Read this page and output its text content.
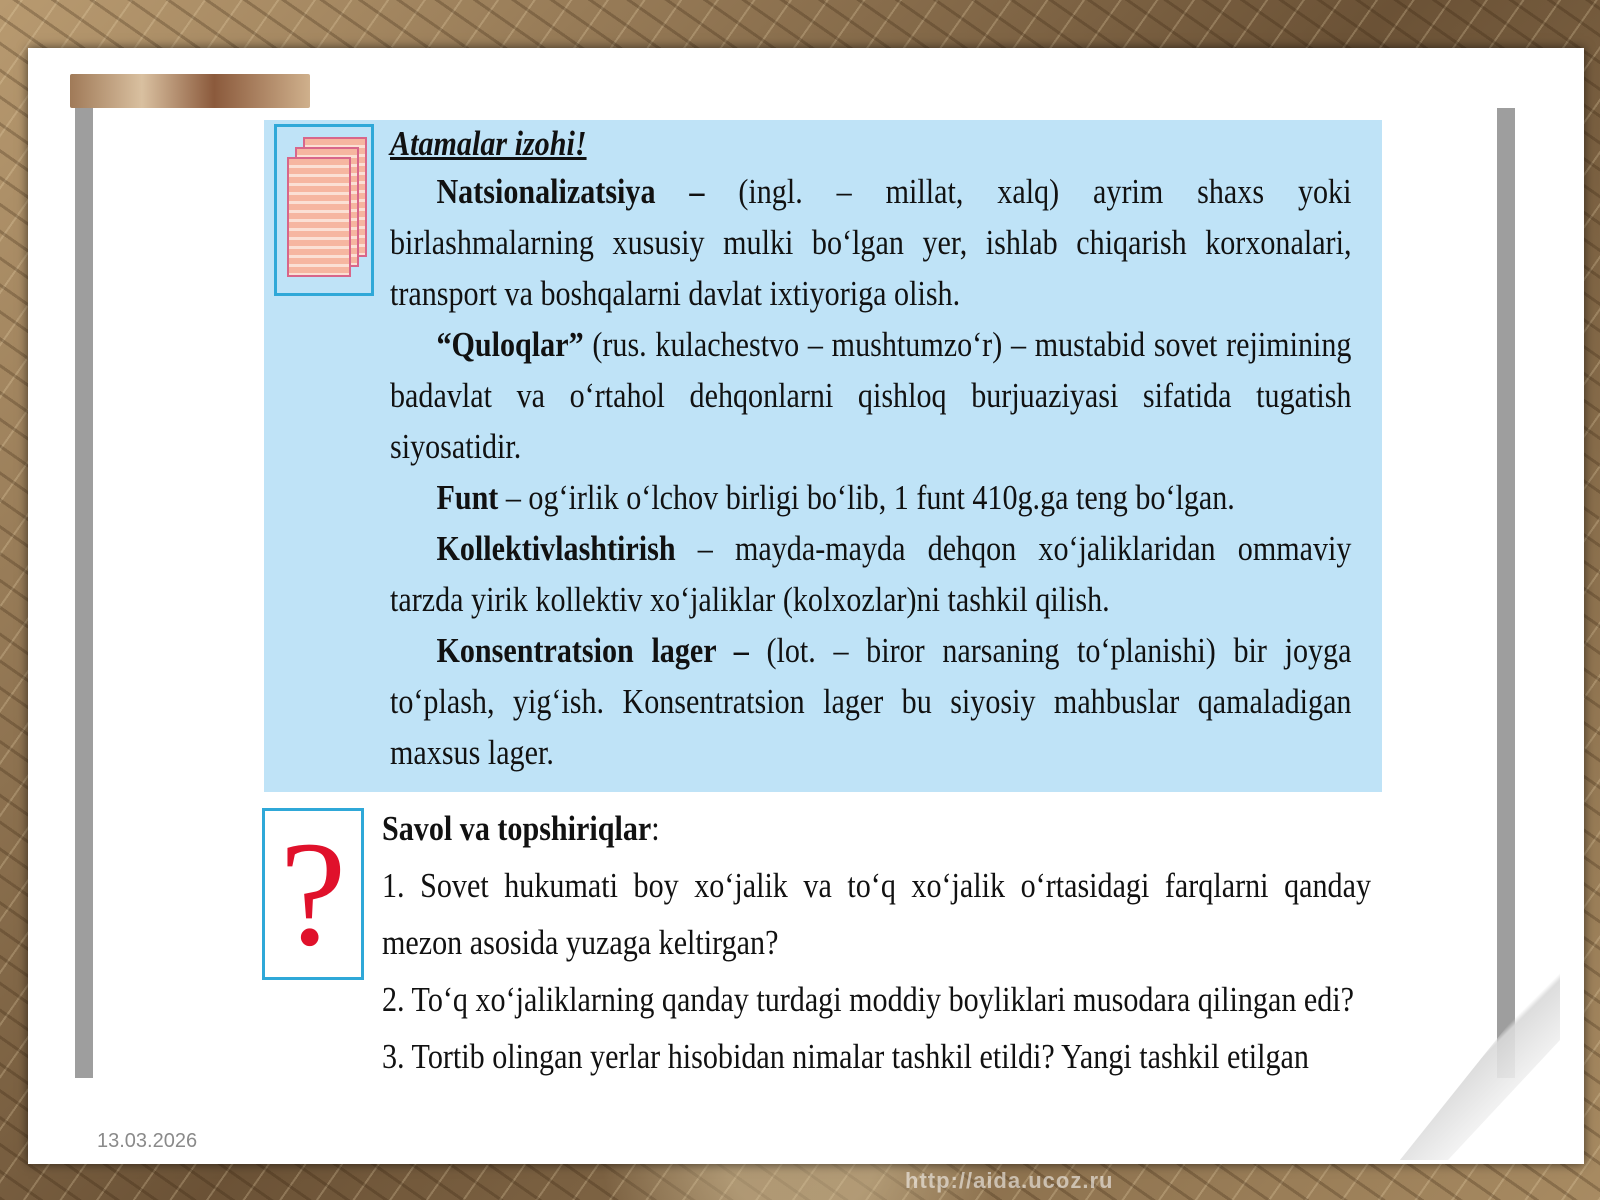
Atamalar izohi!

Natsionalizatsiya – (ingl. – millat, xalq) ayrim shaxs yoki birlashmalarning xususiy mulki bo‘lgan yer, ishlab chiqarish korxonalari, transport va boshqalarni davlat ixtiyoriga olish.

“Quloqlar” (rus. kulachestvo – mushtumzo‘r) – mustabid sovet rejimining badavlat va o‘rtahol dehqonlarni qishloq burjuaziyasi sifatida tugatish siyosatidir.

Funt – og‘irlik o‘lchov birligi bo‘lib, 1 funt 410g.ga teng bo‘lgan.

Kollektivlashtirish – mayda-mayda dehqon xo‘jaliklaridan ommaviy tarzda yirik kollektiv xo‘jaliklar (kolxozlar)ni tashkil qilish.

Konsentratsion lager – (lot. – biror narsaning to‘planishi) bir joyga to‘plash, yig‘ish. Konsentratsion lager bu siyosiy mahbuslar qamaladigan maxsus lager.

?	Savol va topshiriqlar:

1. Sovet hukumati boy xo‘jalik va to‘q xo‘jalik o‘rtasidagi farqlarni qanday mezon asosida yuzaga keltirgan?

2. To‘q xo‘jaliklarning qanday turdagi moddiy boyliklari musodara qilingan edi?

3. Tortib olingan yerlar hisobidan nimalar tashkil etildi? Yangi tashkil etilgan

13.03.2026
http://aida.ucoz.ru
